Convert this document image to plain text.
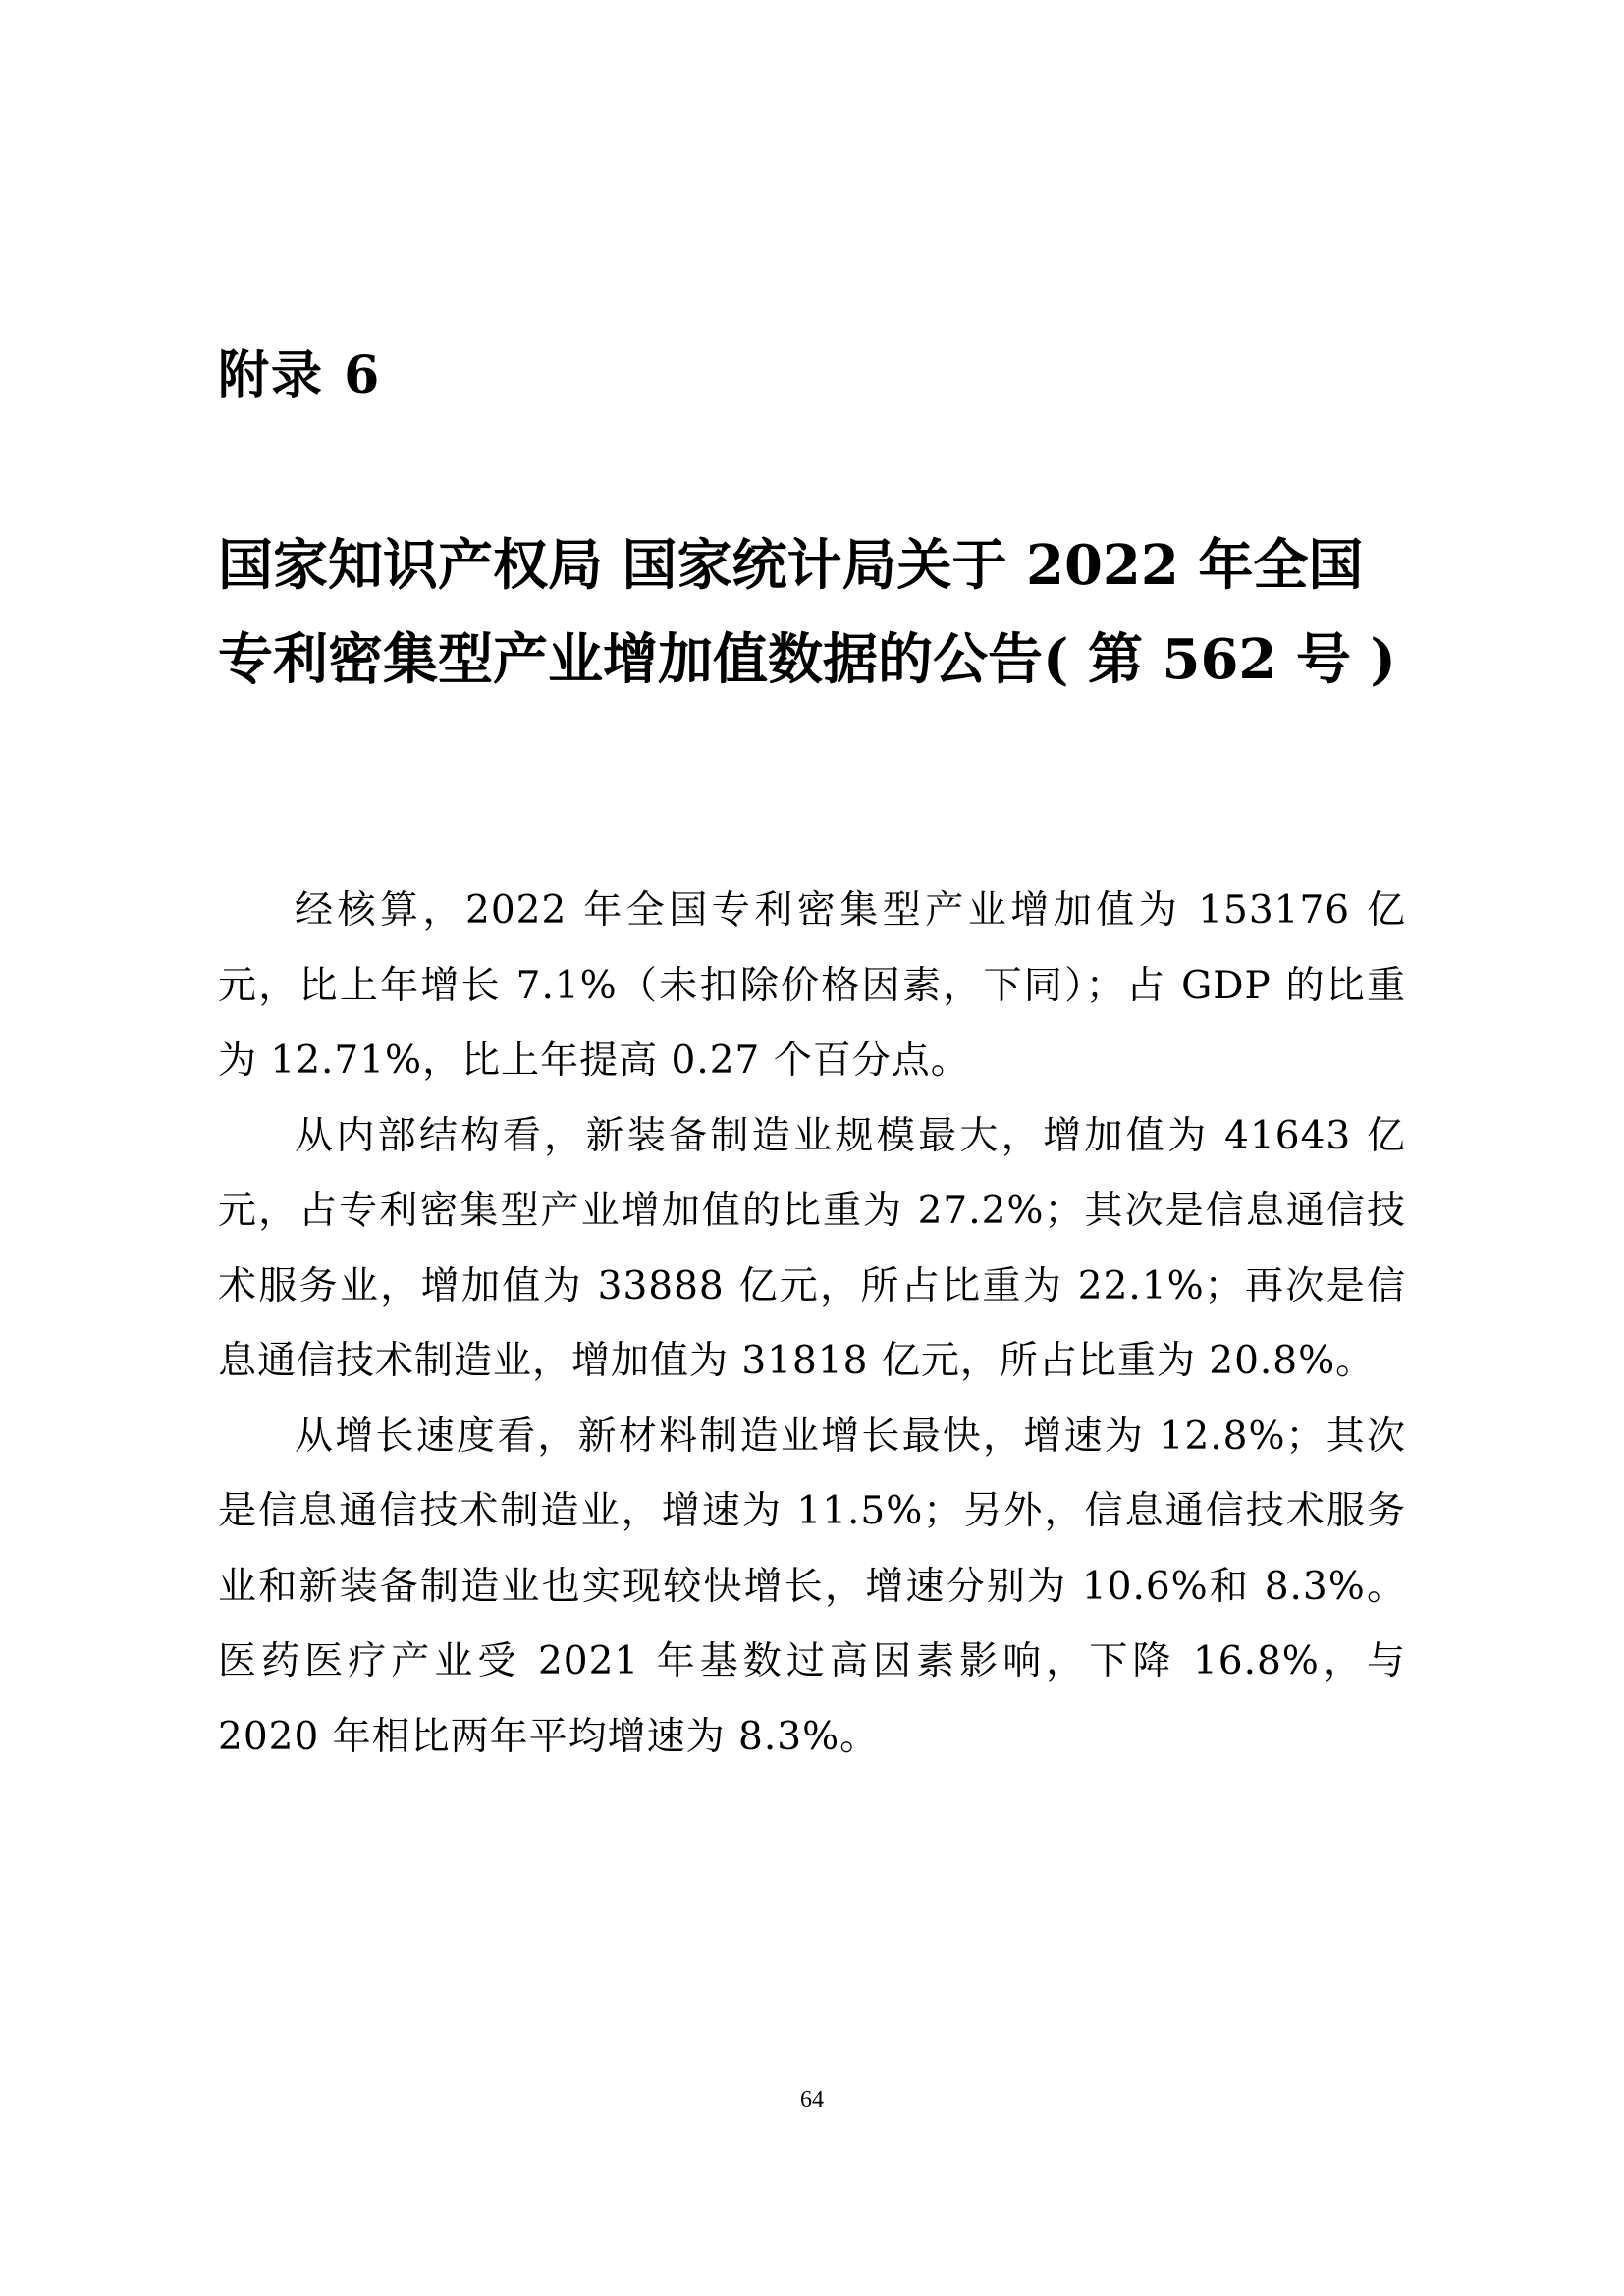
附录 6
国家知识产权局 国家统计局关于 2022 年全国
专利密集型产业增加值数据的公告( 第 562 号 )

经核算，2022 年全国专利密集型产业增加值为 153176 亿元，比上年增长 7.1%（未扣除价格因素，下同）；占 GDP 的比重为 12.71%，比上年提高 0.27 个百分点。

从内部结构看，新装备制造业规模最大，增加值为 41643 亿元，占专利密集型产业增加值的比重为 27.2%；其次是信息通信技术服务业，增加值为 33888 亿元，所占比重为 22.1%；再次是信息通信技术制造业，增加值为 31818 亿元，所占比重为 20.8%。

从增长速度看，新材料制造业增长最快，增速为 12.8%；其次是信息通信技术制造业，增速为 11.5%；另外，信息通信技术服务业和新装备制造业也实现较快增长，增速分别为 10.6%和 8.3%。医药医疗产业受 2021 年基数过高因素影响，下降 16.8%，与 2020 年相比两年平均增速为 8.3%。

64
